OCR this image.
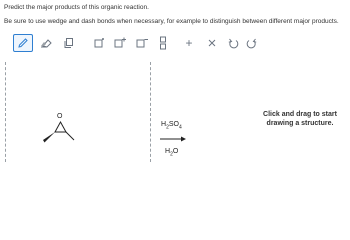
Predict the major products of this organic reaction.
Be sure to use wedge and dash bonds when necessary, for example to distinguish between different major products.
+
O
$H_2SO_4$
$H_2O$
Click and drag to start
drawing a structure.
